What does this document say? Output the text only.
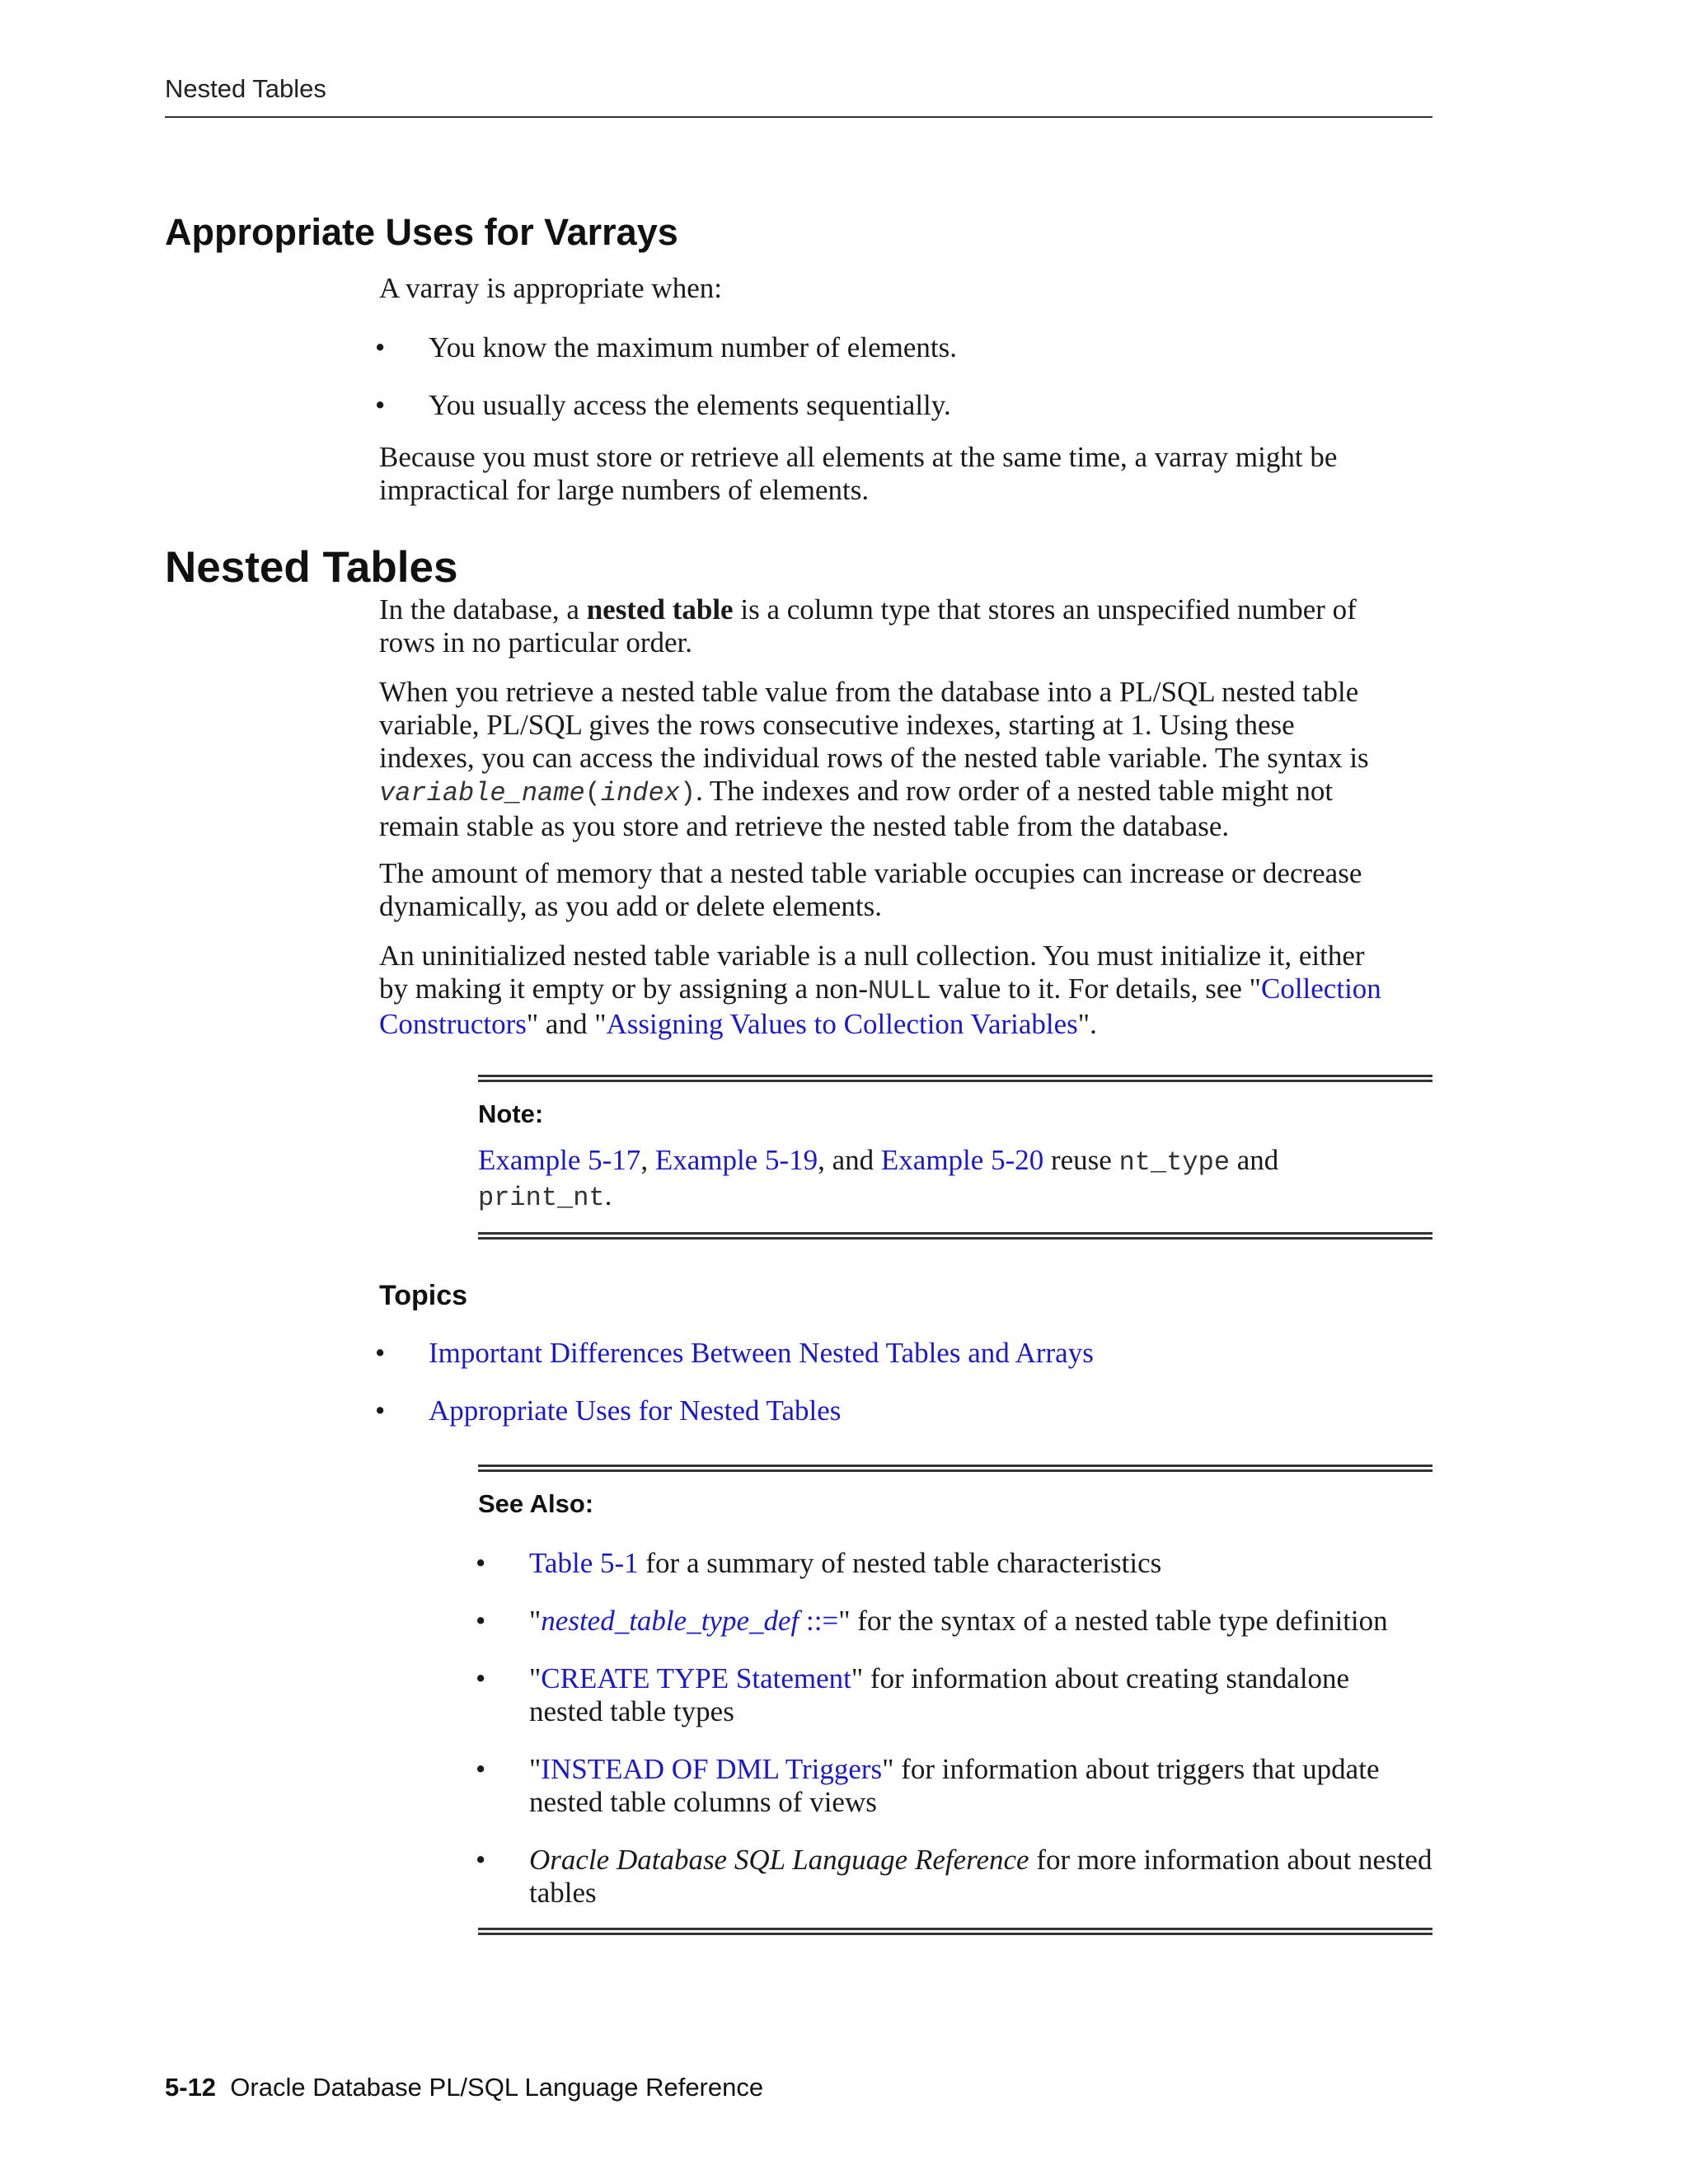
Nested Tables
Appropriate Uses for Varrays

A varray is appropriate when:

• You know the maximum number of elements.

• You usually access the elements sequentially.

Because you must store or retrieve all elements at the same time, a varray might be
impractical for large numbers of elements.

Nested Tables

In the database, a nested table is a column type that stores an unspecified number of
rows in no particular order.

When you retrieve a nested table value from the database into a PL/SQL nested table
variable, PL/SQL gives the rows consecutive indexes, starting at 1. Using these
indexes, you can access the individual rows of the nested table variable. The syntax is
variable_name(index). The indexes and row order of a nested table might not
remain stable as you store and retrieve the nested table from the database.

The amount of memory that a nested table variable occupies can increase or decrease
dynamically, as you add or delete elements.

An uninitialized nested table variable is a null collection. You must initialize it, either
by making it empty or by assigning a non-NULL value to it. For details, see "Collection
Constructors" and "Assigning Values to Collection Variables".

Note:

Example 5-17, Example 5-19, and Example 5-20 reuse nt_type and
print_nt.

Topics

• Important Differences Between Nested Tables and Arrays

• Appropriate Uses for Nested Tables

See Also:

• Table 5-1 for a summary of nested table characteristics

• "nested_table_type_def ::=" for the syntax of a nested table type definition

• "CREATE TYPE Statement" for information about creating standalone
nested table types

• "INSTEAD OF DML Triggers" for information about triggers that update
nested table columns of views

• Oracle Database SQL Language Reference for more information about nested
tables

5-12 Oracle Database PL/SQL Language Reference
